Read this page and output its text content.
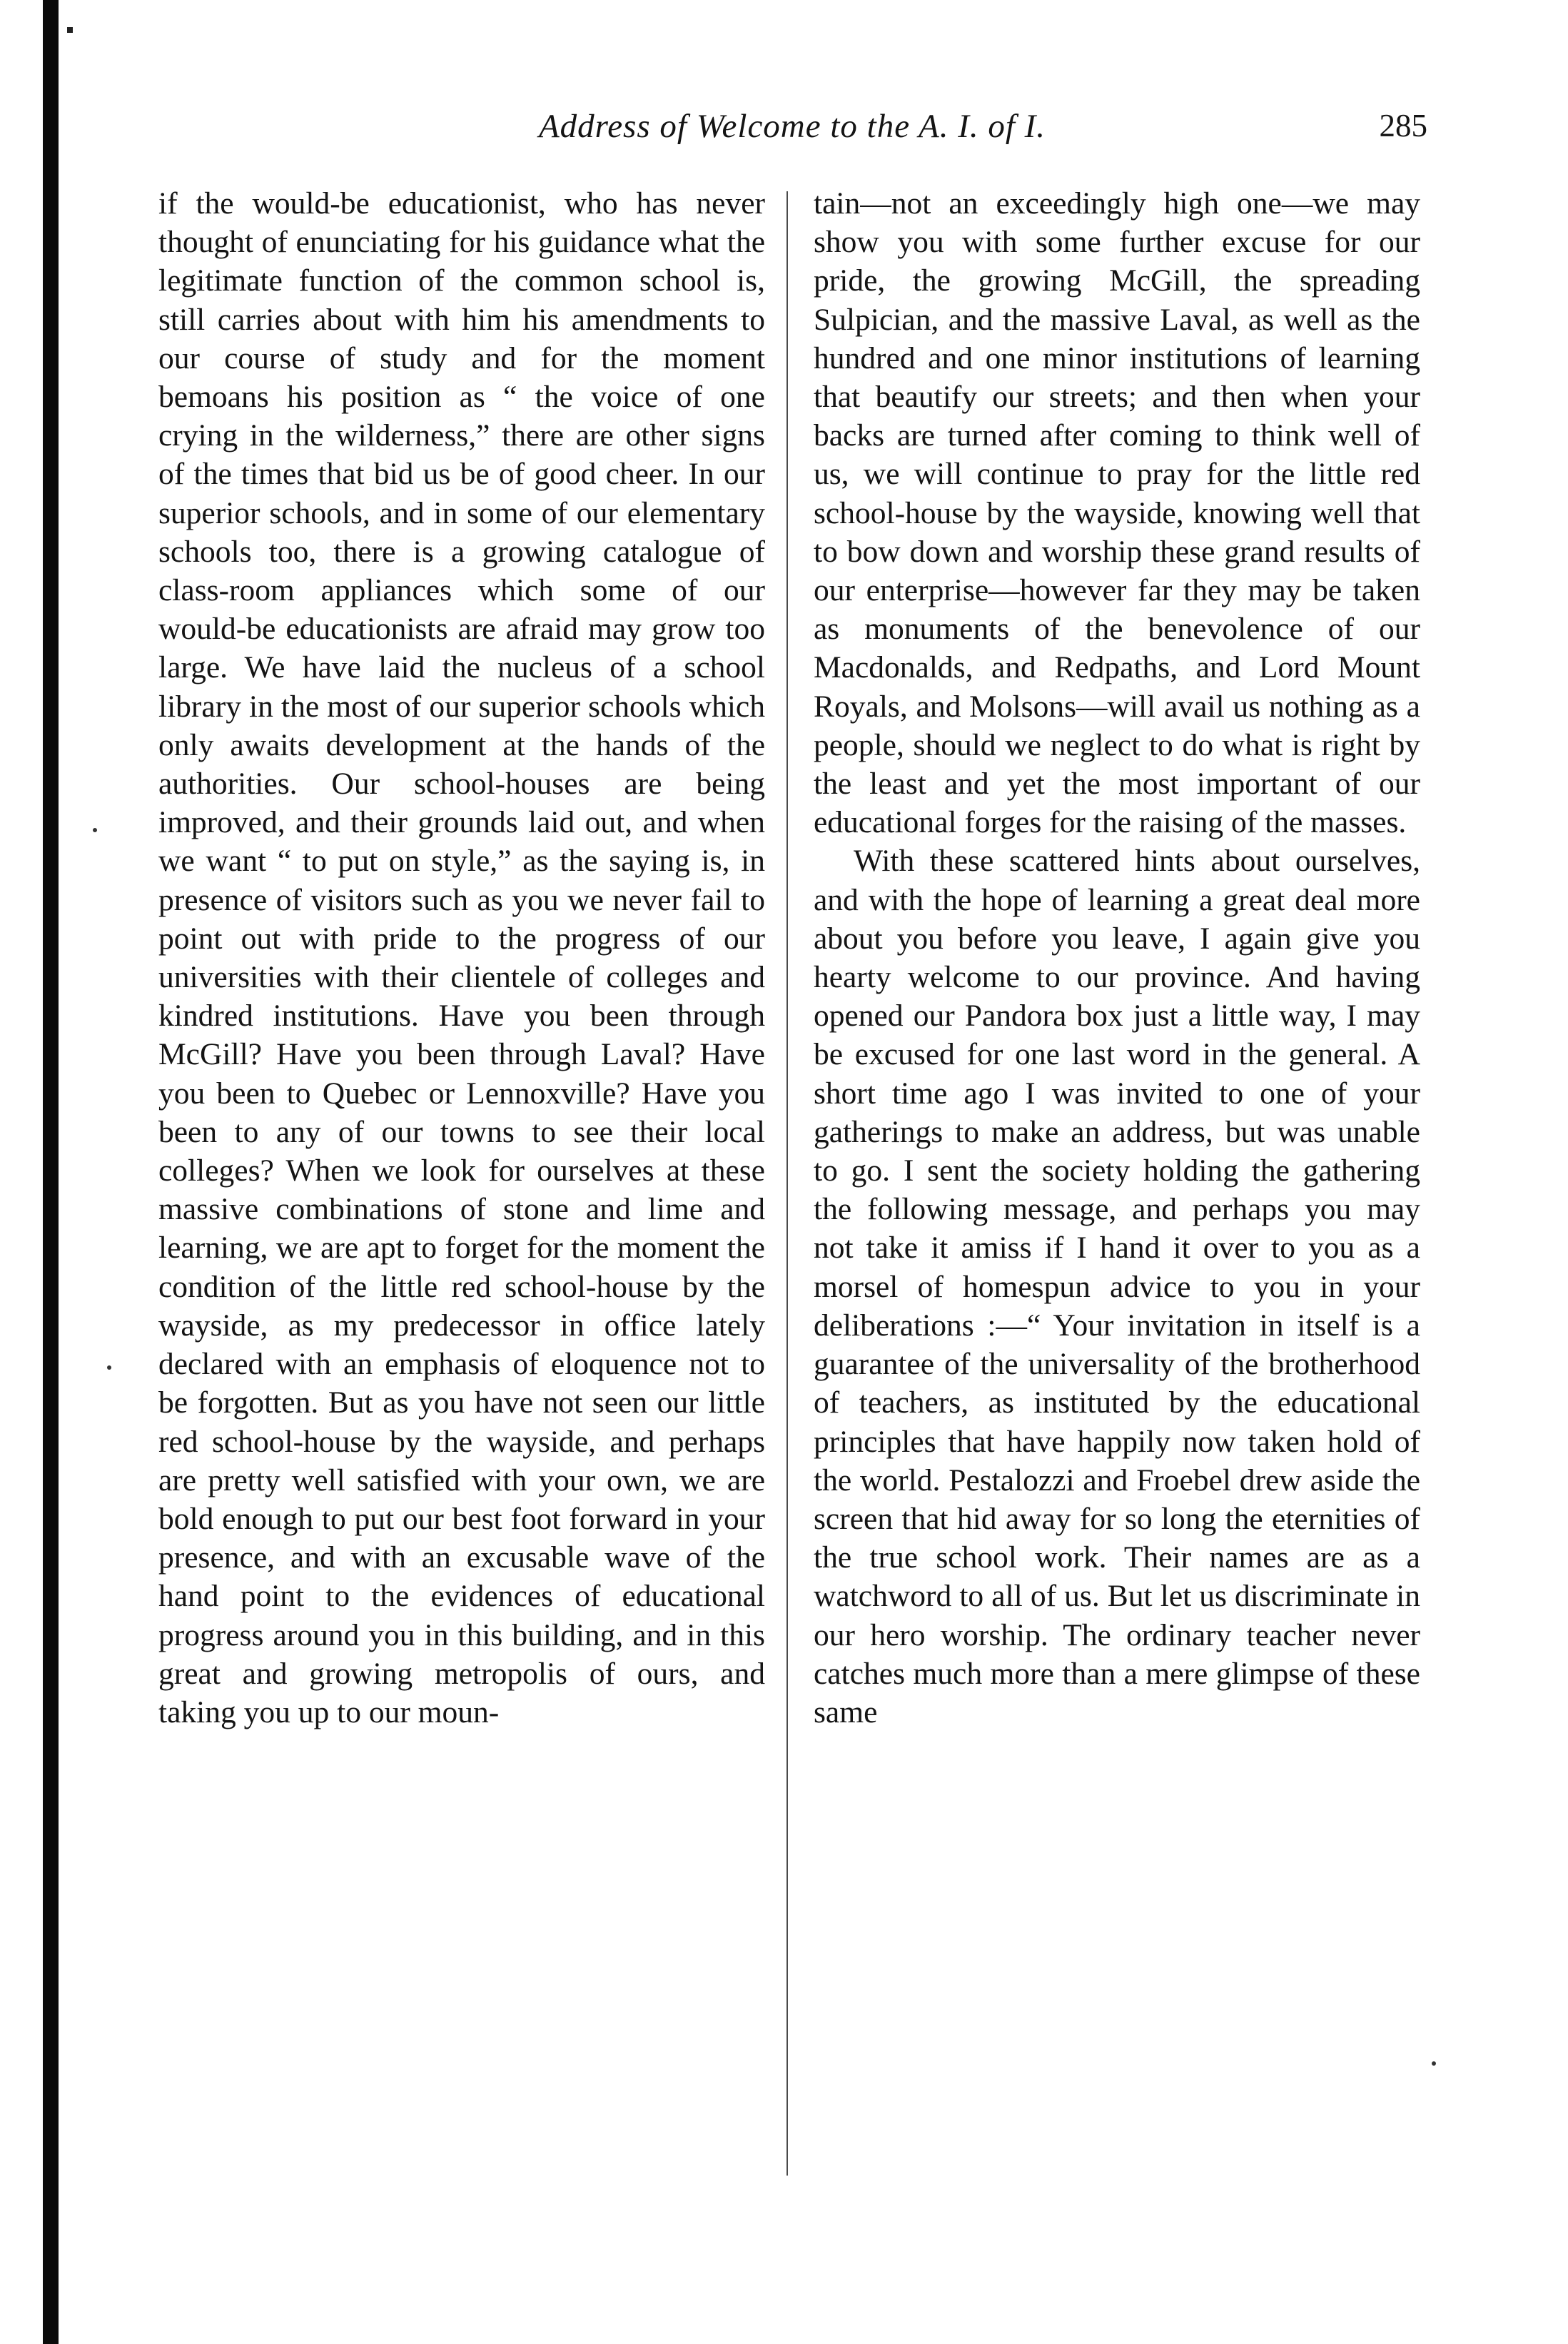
Address of Welcome to the A. I. of I.	285

if the would-be educationist, who has never thought of enunciating for his guidance what the legitimate function of the common school is, still carries about with him his amendments to our course of study and for the moment bemoans his position as “ the voice of one crying in the wilderness,” there are other signs of the times that bid us be of good cheer. In our superior schools, and in some of our elementary schools too, there is a growing catalogue of class-room appliances which some of our would-be educationists are afraid may grow too large. We have laid the nucleus of a school library in the most of our superior schools which only awaits development at the hands of the authorities. Our school-houses are being improved, and their grounds laid out, and when we want “ to put on style,” as the saying is, in presence of visitors such as you we never fail to point out with pride to the progress of our universities with their clientele of colleges and kindred institutions. Have you been through McGill? Have you been through Laval? Have you been to Quebec or Lennoxville? Have you been to any of our towns to see their local colleges? When we look for ourselves at these massive combinations of stone and lime and learning, we are apt to forget for the moment the condition of the little red school-house by the wayside, as my predecessor in office lately declared with an emphasis of eloquence not to be forgotten. But as you have not seen our little red school-house by the wayside, and perhaps are pretty well satisfied with your own, we are bold enough to put our best foot forward in your presence, and with an excusable wave of the hand point to the evidences of educational progress around you in this building, and in this great and growing metropolis of ours, and taking you up to our moun-

tain—not an exceedingly high one—we may show you with some further excuse for our pride, the growing McGill, the spreading Sulpician, and the massive Laval, as well as the hundred and one minor institutions of learning that beautify our streets; and then when your backs are turned after coming to think well of us, we will continue to pray for the little red school-house by the wayside, knowing well that to bow down and worship these grand results of our enterprise—however far they may be taken as monuments of the benevolence of our Macdonalds, and Redpaths, and Lord Mount Royals, and Molsons—will avail us nothing as a people, should we neglect to do what is right by the least and yet the most important of our educational forges for the raising of the masses.

With these scattered hints about ourselves, and with the hope of learning a great deal more about you before you leave, I again give you hearty welcome to our province. And having opened our Pandora box just a little way, I may be excused for one last word in the general. A short time ago I was invited to one of your gatherings to make an address, but was unable to go. I sent the society holding the gathering the following message, and perhaps you may not take it amiss if I hand it over to you as a morsel of homespun advice to you in your deliberations :—“ Your invitation in itself is a guarantee of the universality of the brotherhood of teachers, as instituted by the educational principles that have happily now taken hold of the world. Pestalozzi and Froebel drew aside the screen that hid away for so long the eternities of the true school work. Their names are as a watchword to all of us. But let us discriminate in our hero worship. The ordinary teacher never catches much more than a mere glimpse of these same
